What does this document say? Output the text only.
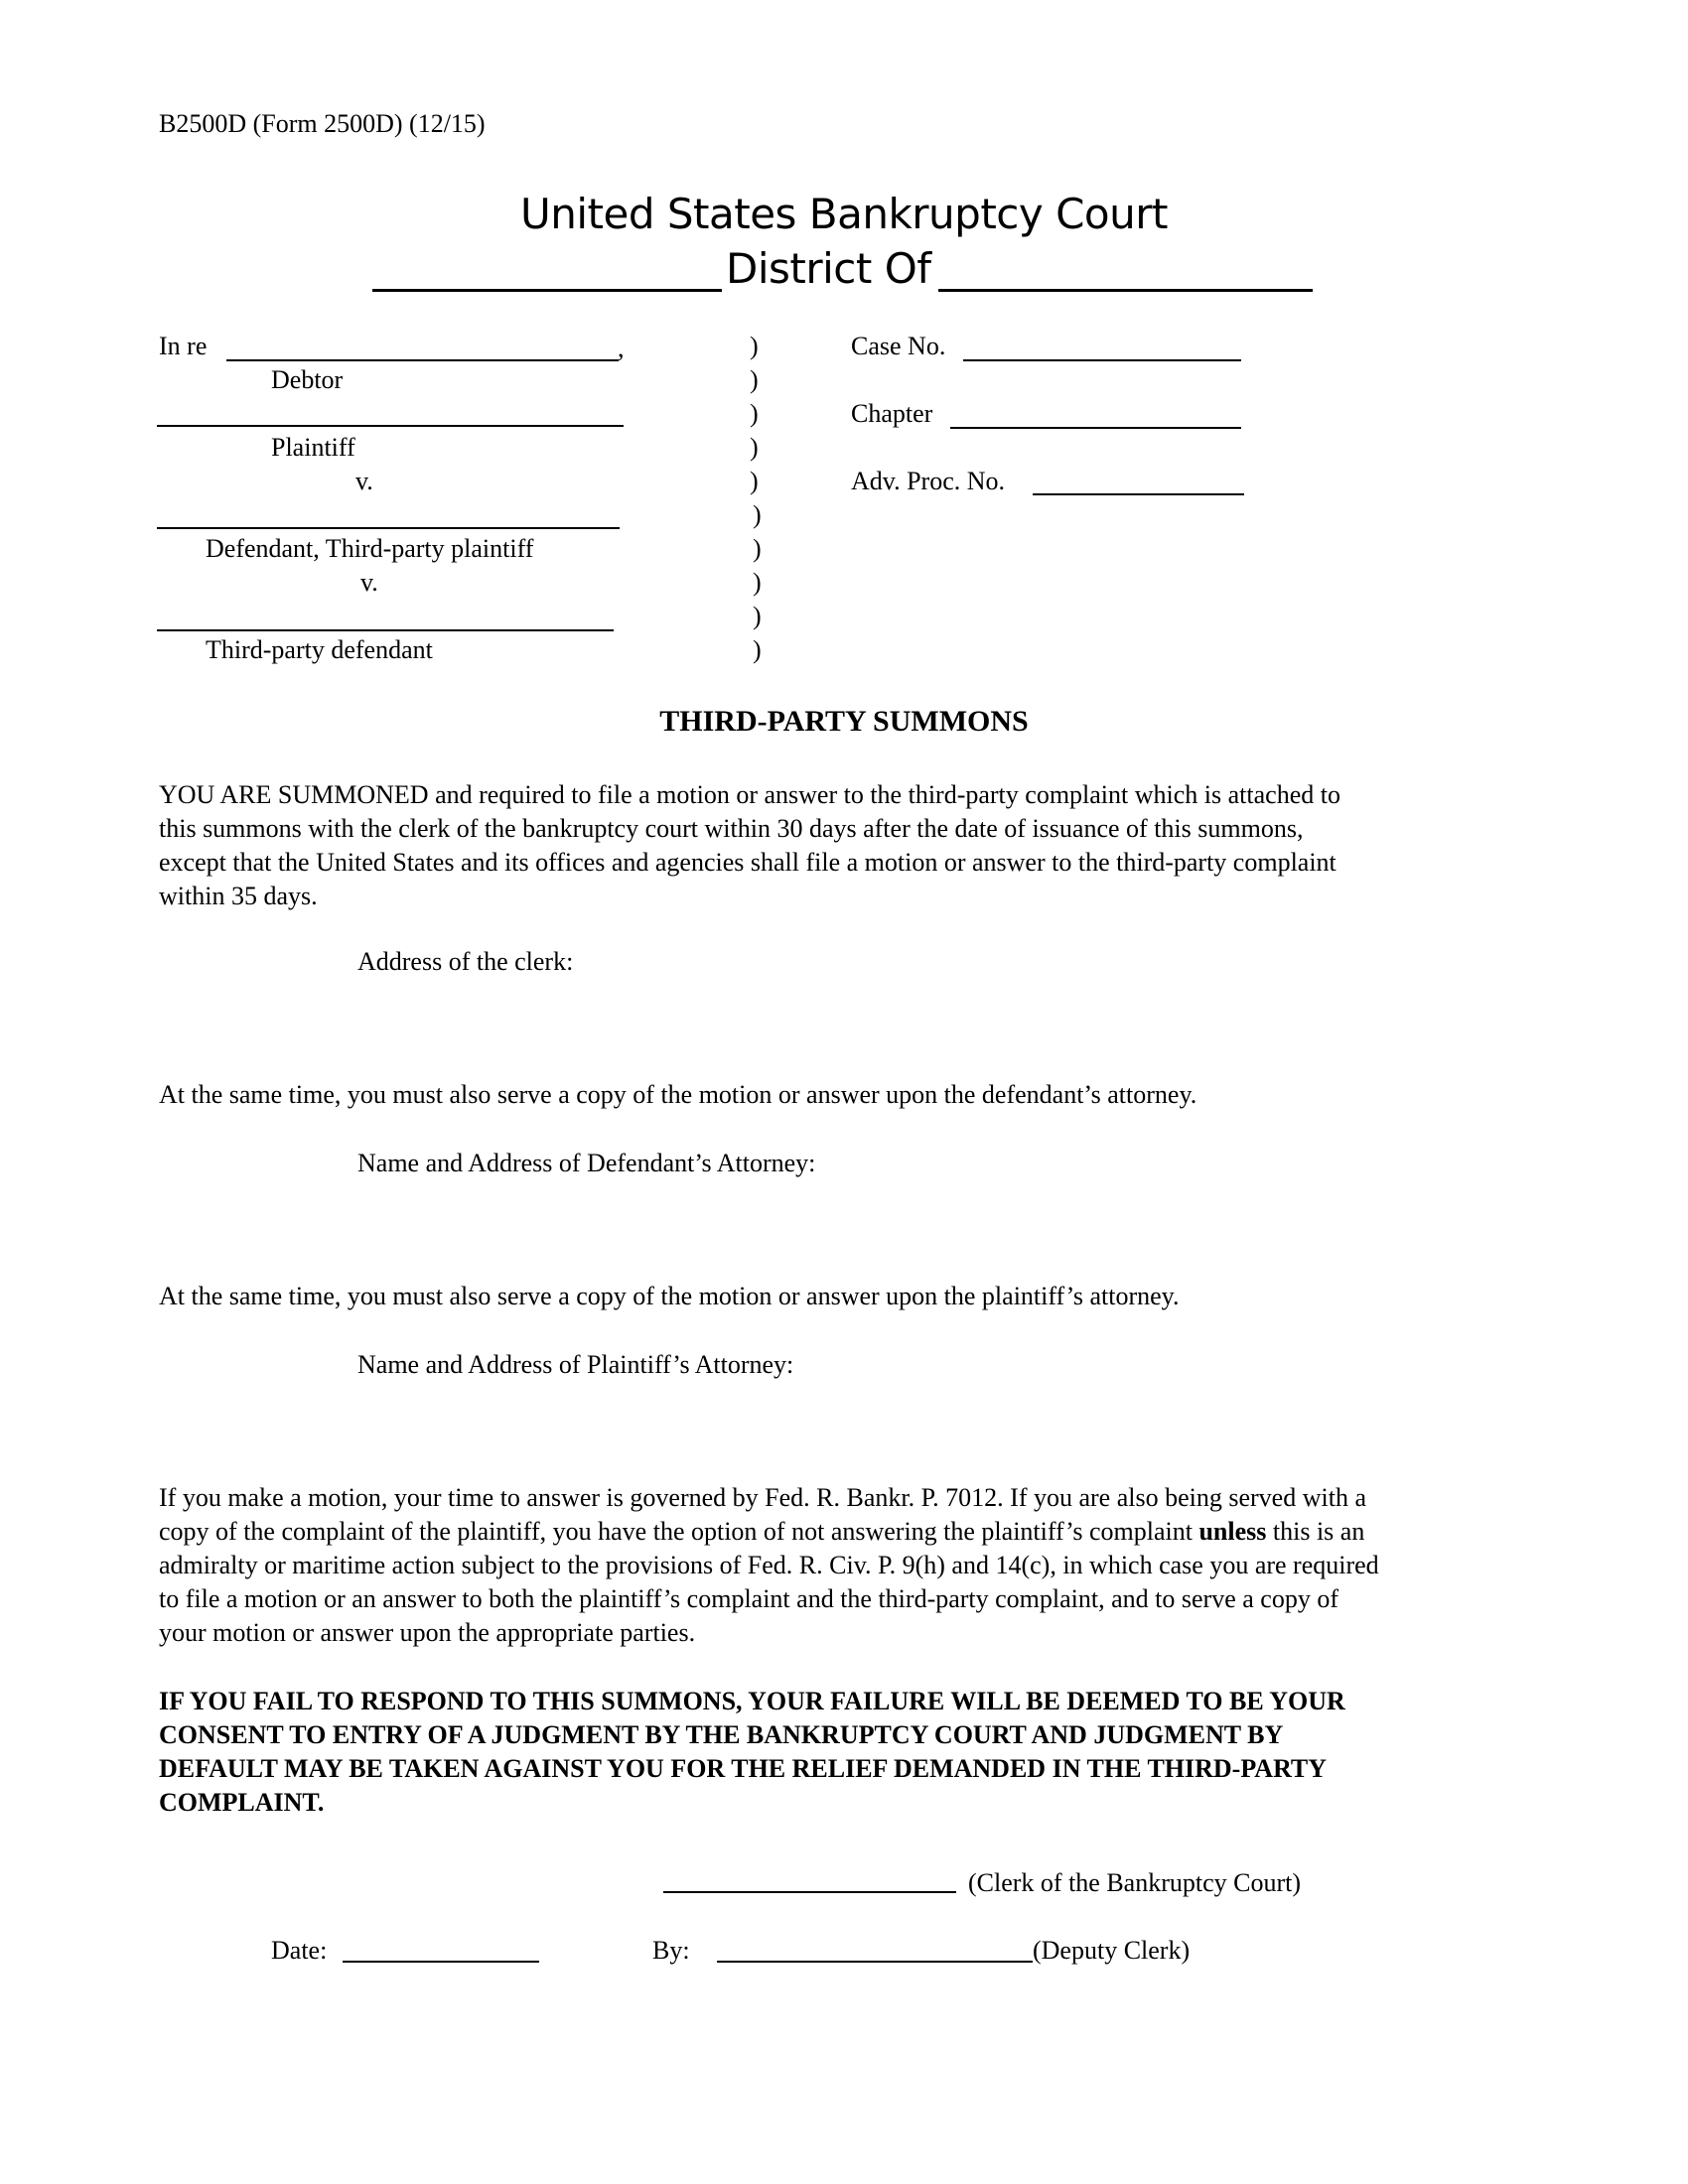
B2500D (Form 2500D) (12/15)
United States Bankruptcy Court
District Of
In re	,
Debtor
Plaintiff
v.
Defendant, Third-party plaintiff
v.
Third-party defendant
)
)
)
)
)
)
)
)
)
)
Case No.
Chapter
Adv. Proc. No.
THIRD-PARTY SUMMONS
YOU ARE SUMMONED and required to file a motion or answer to the third-party complaint which is attached to
this summons with the clerk of the bankruptcy court within 30 days after the date of issuance of this summons,
except that the United States and its offices and agencies shall file a motion or answer to the third-party complaint
within 35 days.
Address of the clerk:
At the same time, you must also serve a copy of the motion or answer upon the defendant’s attorney.
Name and Address of Defendant’s Attorney:
At the same time, you must also serve a copy of the motion or answer upon the plaintiff’s attorney.
Name and Address of Plaintiff’s Attorney:
If you make a motion, your time to answer is governed by Fed. R. Bankr. P. 7012. If you are also being served with a
copy of the complaint of the plaintiff, you have the option of not answering the plaintiff’s complaint unless this is an
admiralty or maritime action subject to the provisions of Fed. R. Civ. P. 9(h) and 14(c), in which case you are required
to file a motion or an answer to both the plaintiff’s complaint and the third-party complaint, and to serve a copy of
your motion or answer upon the appropriate parties.
IF YOU FAIL TO RESPOND TO THIS SUMMONS, YOUR FAILURE WILL BE DEEMED TO BE YOUR
CONSENT TO ENTRY OF A JUDGMENT BY THE BANKRUPTCY COURT AND JUDGMENT BY
DEFAULT MAY BE TAKEN AGAINST YOU FOR THE RELIEF DEMANDED IN THE THIRD-PARTY
COMPLAINT.
(Clerk of the Bankruptcy Court)
Date:	By:	(Deputy Clerk)
